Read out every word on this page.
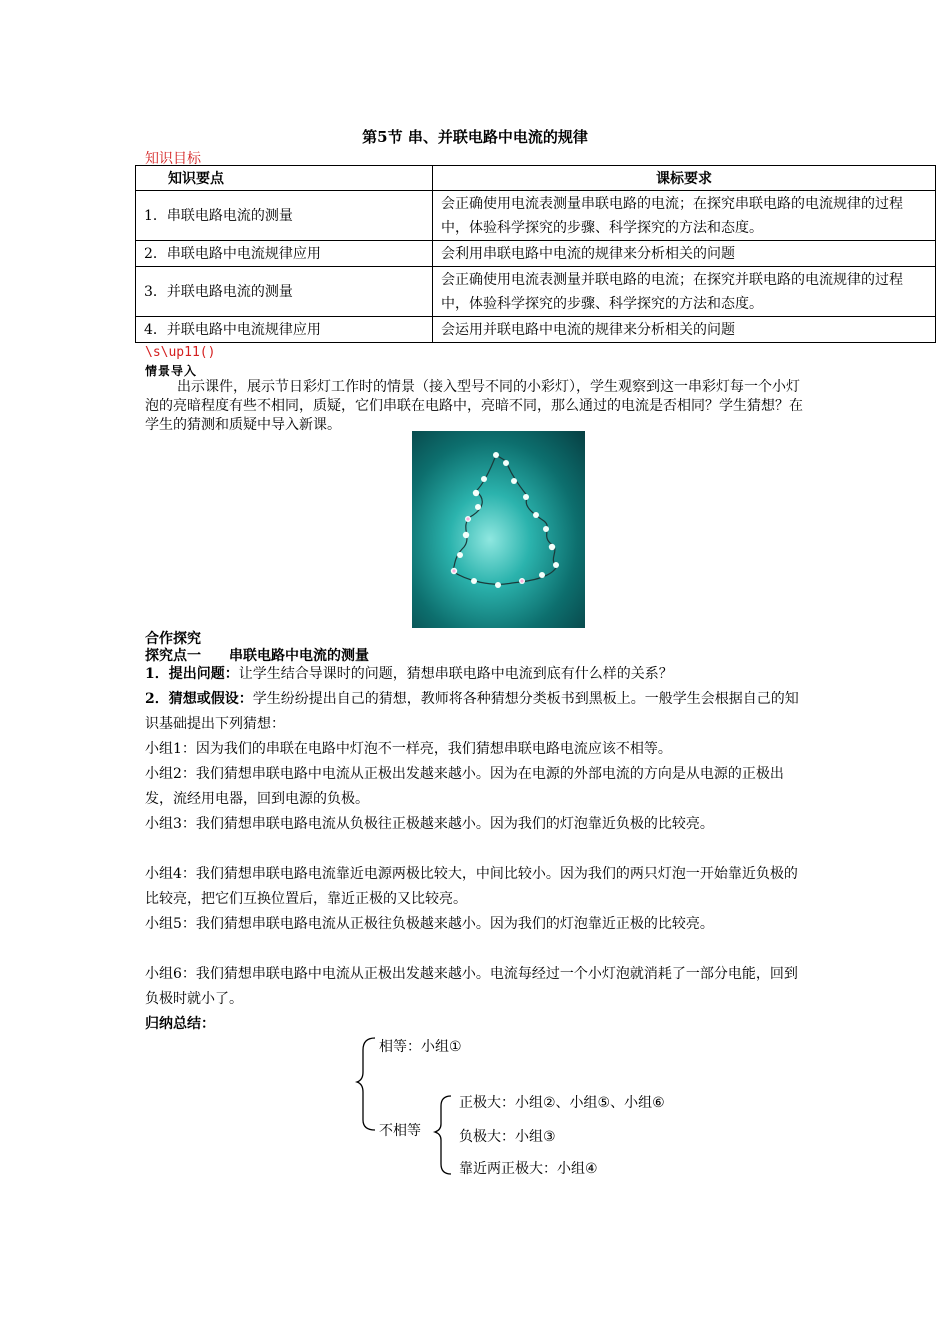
第5节 串、并联电路中电流的规律
知识目标
知识要点	课标要求
1．串联电路电流的测量	会正确使用电流表测量串联电路的电流；在探究串联电路的电流规律的过程中，体验科学探究的步骤、科学探究的方法和态度。
2．串联电路中电流规律应用	会利用串联电路中电流的规律来分析相关的问题
3．并联电路电流的测量	会正确使用电流表测量并联电路的电流；在探究并联电路的电流规律的过程中，体验科学探究的步骤、科学探究的方法和态度。
4．并联电路中电流规律应用	会运用并联电路中电流的规律来分析相关的问题
\s\up11()
情景导入
出示课件，展示节日彩灯工作时的情景（接入型号不同的小彩灯），学生观察到这一串彩灯每一个小灯泡的亮暗程度有些不相同，质疑，它们串联在电路中，亮暗不同，那么通过的电流是否相同？学生猜想？在学生的猜测和质疑中导入新课。
合作探究
探究点一　　串联电路中电流的测量
1．提出问题：让学生结合导课时的问题，猜想串联电路中电流到底有什么样的关系？
2．猜想或假设：学生纷纷提出自己的猜想，教师将各种猜想分类板书到黑板上。一般学生会根据自己的知识基础提出下列猜想：
小组1：因为我们的串联在电路中灯泡不一样亮，我们猜想串联电路电流应该不相等。
小组2：我们猜想串联电路中电流从正极出发越来越小。因为在电源的外部电流的方向是从电源的正极出发，流经用电器，回到电源的负极。
小组3：我们猜想串联电路电流从负极往正极越来越小。因为我们的灯泡靠近负极的比较亮。
小组4：我们猜想串联电路电流靠近电源两极比较大，中间比较小。因为我们的两只灯泡一开始靠近负极的比较亮，把它们互换位置后，靠近正极的又比较亮。
小组5：我们猜想串联电路电流从正极往负极越来越小。因为我们的灯泡靠近正极的比较亮。
小组6：我们猜想串联电路中电流从正极出发越来越小。电流每经过一个小灯泡就消耗了一部分电能，回到负极时就小了。
归纳总结：
相等：小组①
不相等
正极大：小组②、小组⑤、小组⑥
负极大：小组③
靠近两正极大：小组④
